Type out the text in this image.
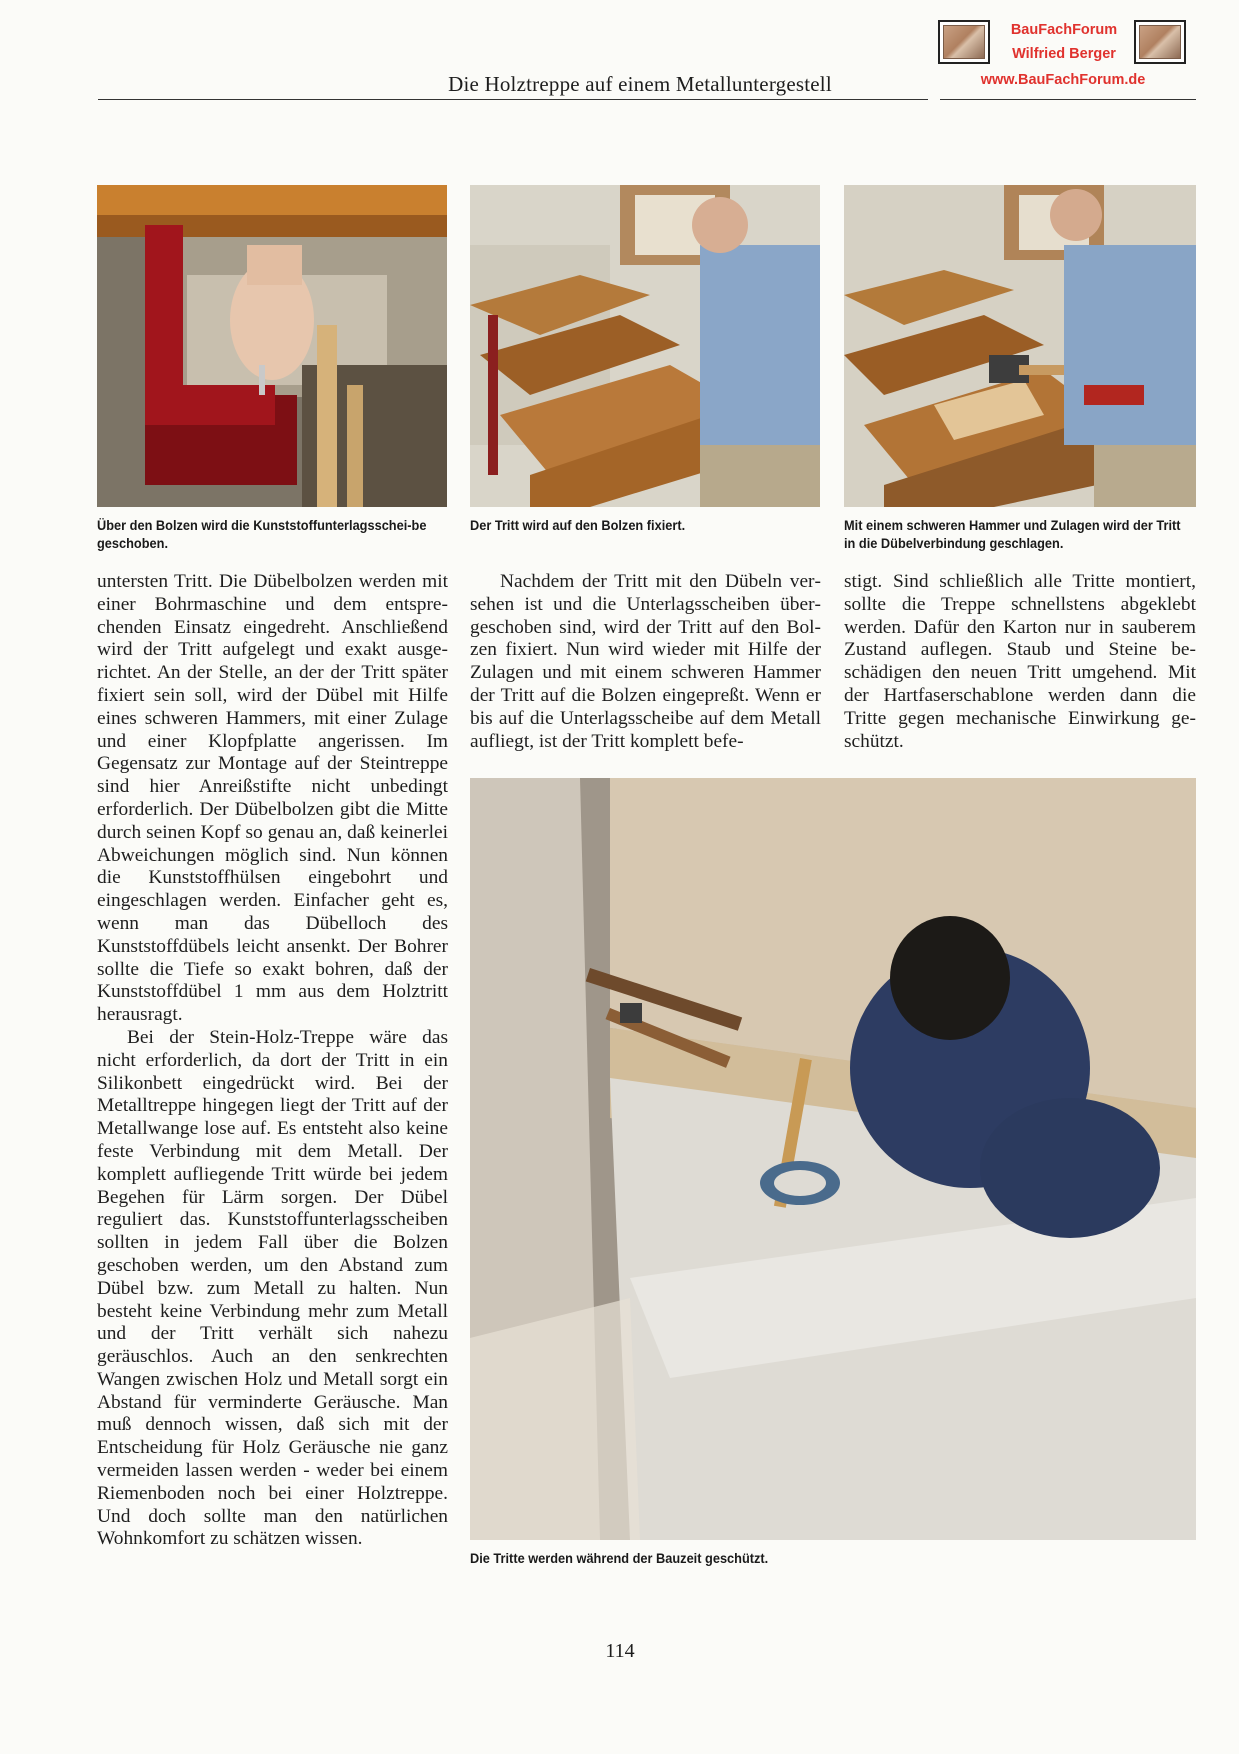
Die Holztreppe auf einem Metalluntergestell
BauFachForum
Wilfried Berger
www.BauFachForum.de
Über den Bolzen wird die Kunststoffunterlagsschei-be geschoben.
Der Tritt wird auf den Bolzen fixiert.	Mit einem schweren Hammer und Zulagen wird der Tritt in die Dübelverbindung geschlagen.
Die Tritte werden während der Bauzeit geschützt.

untersten Tritt. Die Dübelbolzen werden mit einer Bohrmaschine und dem entsprechenden Einsatz eingedreht. Anschließend wird der Tritt aufgelegt und exakt ausgerichtet. An der Stelle, an der der Tritt später fixiert sein soll, wird der Dübel mit Hilfe eines schweren Hammers, mit einer Zulage und einer Klopfplatte angerissen. Im Gegensatz zur Montage auf der Steintreppe sind hier Anreißstifte nicht unbedingt erforderlich. Der Dübelbolzen gibt die Mitte durch seinen Kopf so genau an, daß keinerlei Abweichungen möglich sind. Nun können die Kunststoffhülsen eingebohrt und eingeschlagen werden. Einfacher geht es, wenn man das Dübelloch des Kunststoffdübels leicht ansenkt. Der Bohrer sollte die Tiefe so exakt bohren, daß der Kunststoffdübel 1 mm aus dem Holztritt herausragt.

Bei der Stein-Holz-Treppe wäre das nicht erforderlich, da dort der Tritt in ein Silikonbett eingedrückt wird. Bei der Metalltreppe hingegen liegt der Tritt auf der Metallwange lose auf. Es entsteht also keine feste Verbindung mit dem Metall. Der komplett aufliegende Tritt würde bei jedem Begehen für Lärm sorgen. Der Dübel reguliert das. Kunststoffunterlagsscheiben sollten in jedem Fall über die Bolzen geschoben werden, um den Abstand zum Dübel bzw. zum Metall zu halten. Nun besteht keine Verbindung mehr zum Metall und der Tritt verhält sich nahezu geräuschlos. Auch an den senkrechten Wangen zwischen Holz und Metall sorgt ein Abstand für verminderte Geräusche. Man muß dennoch wissen, daß sich mit der Entscheidung für Holz Geräusche nie ganz vermeiden lassen werden - weder bei einem Riemenboden noch bei einer Holztreppe. Und doch sollte man den natürlichen Wohnkomfort zu schätzen wissen.

Nachdem der Tritt mit den Dübeln versehen ist und die Unterlagsscheiben übergeschoben sind, wird der Tritt auf den Bolzen fixiert. Nun wird wieder mit Hilfe der Zulagen und mit einem schweren Hammer der Tritt auf die Bolzen eingepreßt. Wenn er bis auf die Unterlagsscheibe auf dem Metall aufliegt, ist der Tritt komplett befe-

stigt. Sind schließlich alle Tritte montiert, sollte die Treppe schnellstens abgeklebt werden. Dafür den Karton nur in sauberem Zustand auflegen. Staub und Steine beschädigen den neuen Tritt umgehend. Mit der Hartfaserschablone werden dann die Tritte gegen mechanische Einwirkung geschützt.

114
